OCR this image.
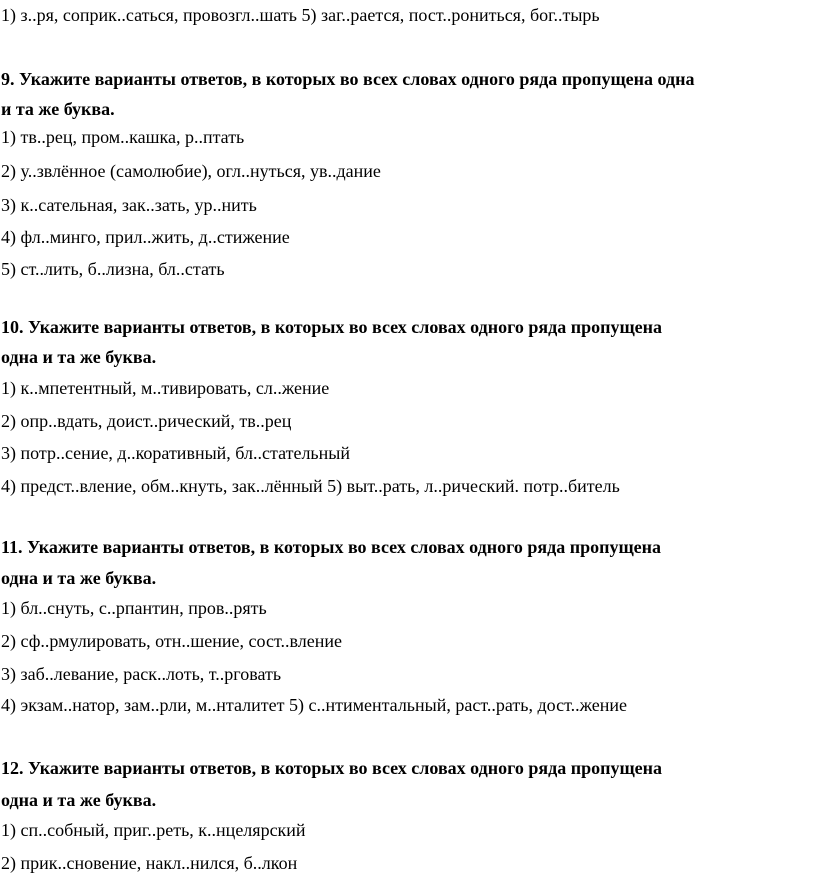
1) з..ря, соприк..саться, провозгл..шать 5) заг..рается, пост..рониться, бог..тырь
9. Укажите варианты ответов, в которых во всех словах одного ряда пропущена одна
и та же буква.
1) тв..рец, пром..кашка, р..птать
2) у..звлённое (самолюбие), огл..нуться, ув..дание
3) к..сательная, зак..зать, ур..нить
4) фл..минго, прил..жить, д..стижение
5) ст..лить, б..лизна, бл..стать
10. Укажите варианты ответов, в которых во всех словах одного ряда пропущена
одна и та же буква.
1) к..мпетентный, м..тивировать, сл..жение
2) опр..вдать, доист..рический, тв..рец
3) потр..сение, д..коративный, бл..стательный
4) предст..вление, обм..кнуть, зак..лённый 5) выт..рать, л..рический. потр..битель
11. Укажите варианты ответов, в которых во всех словах одного ряда пропущена
одна и та же буква.
1) бл..снуть, с..рпантин, пров..рять
2) сф..рмулировать, отн..шение, сост..вление
3) заб..левание, раск..лоть, т..рговать
4) экзам..натор, зам..рли, м..нталитет 5) с..нтиментальный, раст..рать, дост..жение
12. Укажите варианты ответов, в которых во всех словах одного ряда пропущена
одна и та же буква.
1) сп..собный, приг..реть, к..нцелярский
2) прик..сновение, накл..нился, б..лкон
